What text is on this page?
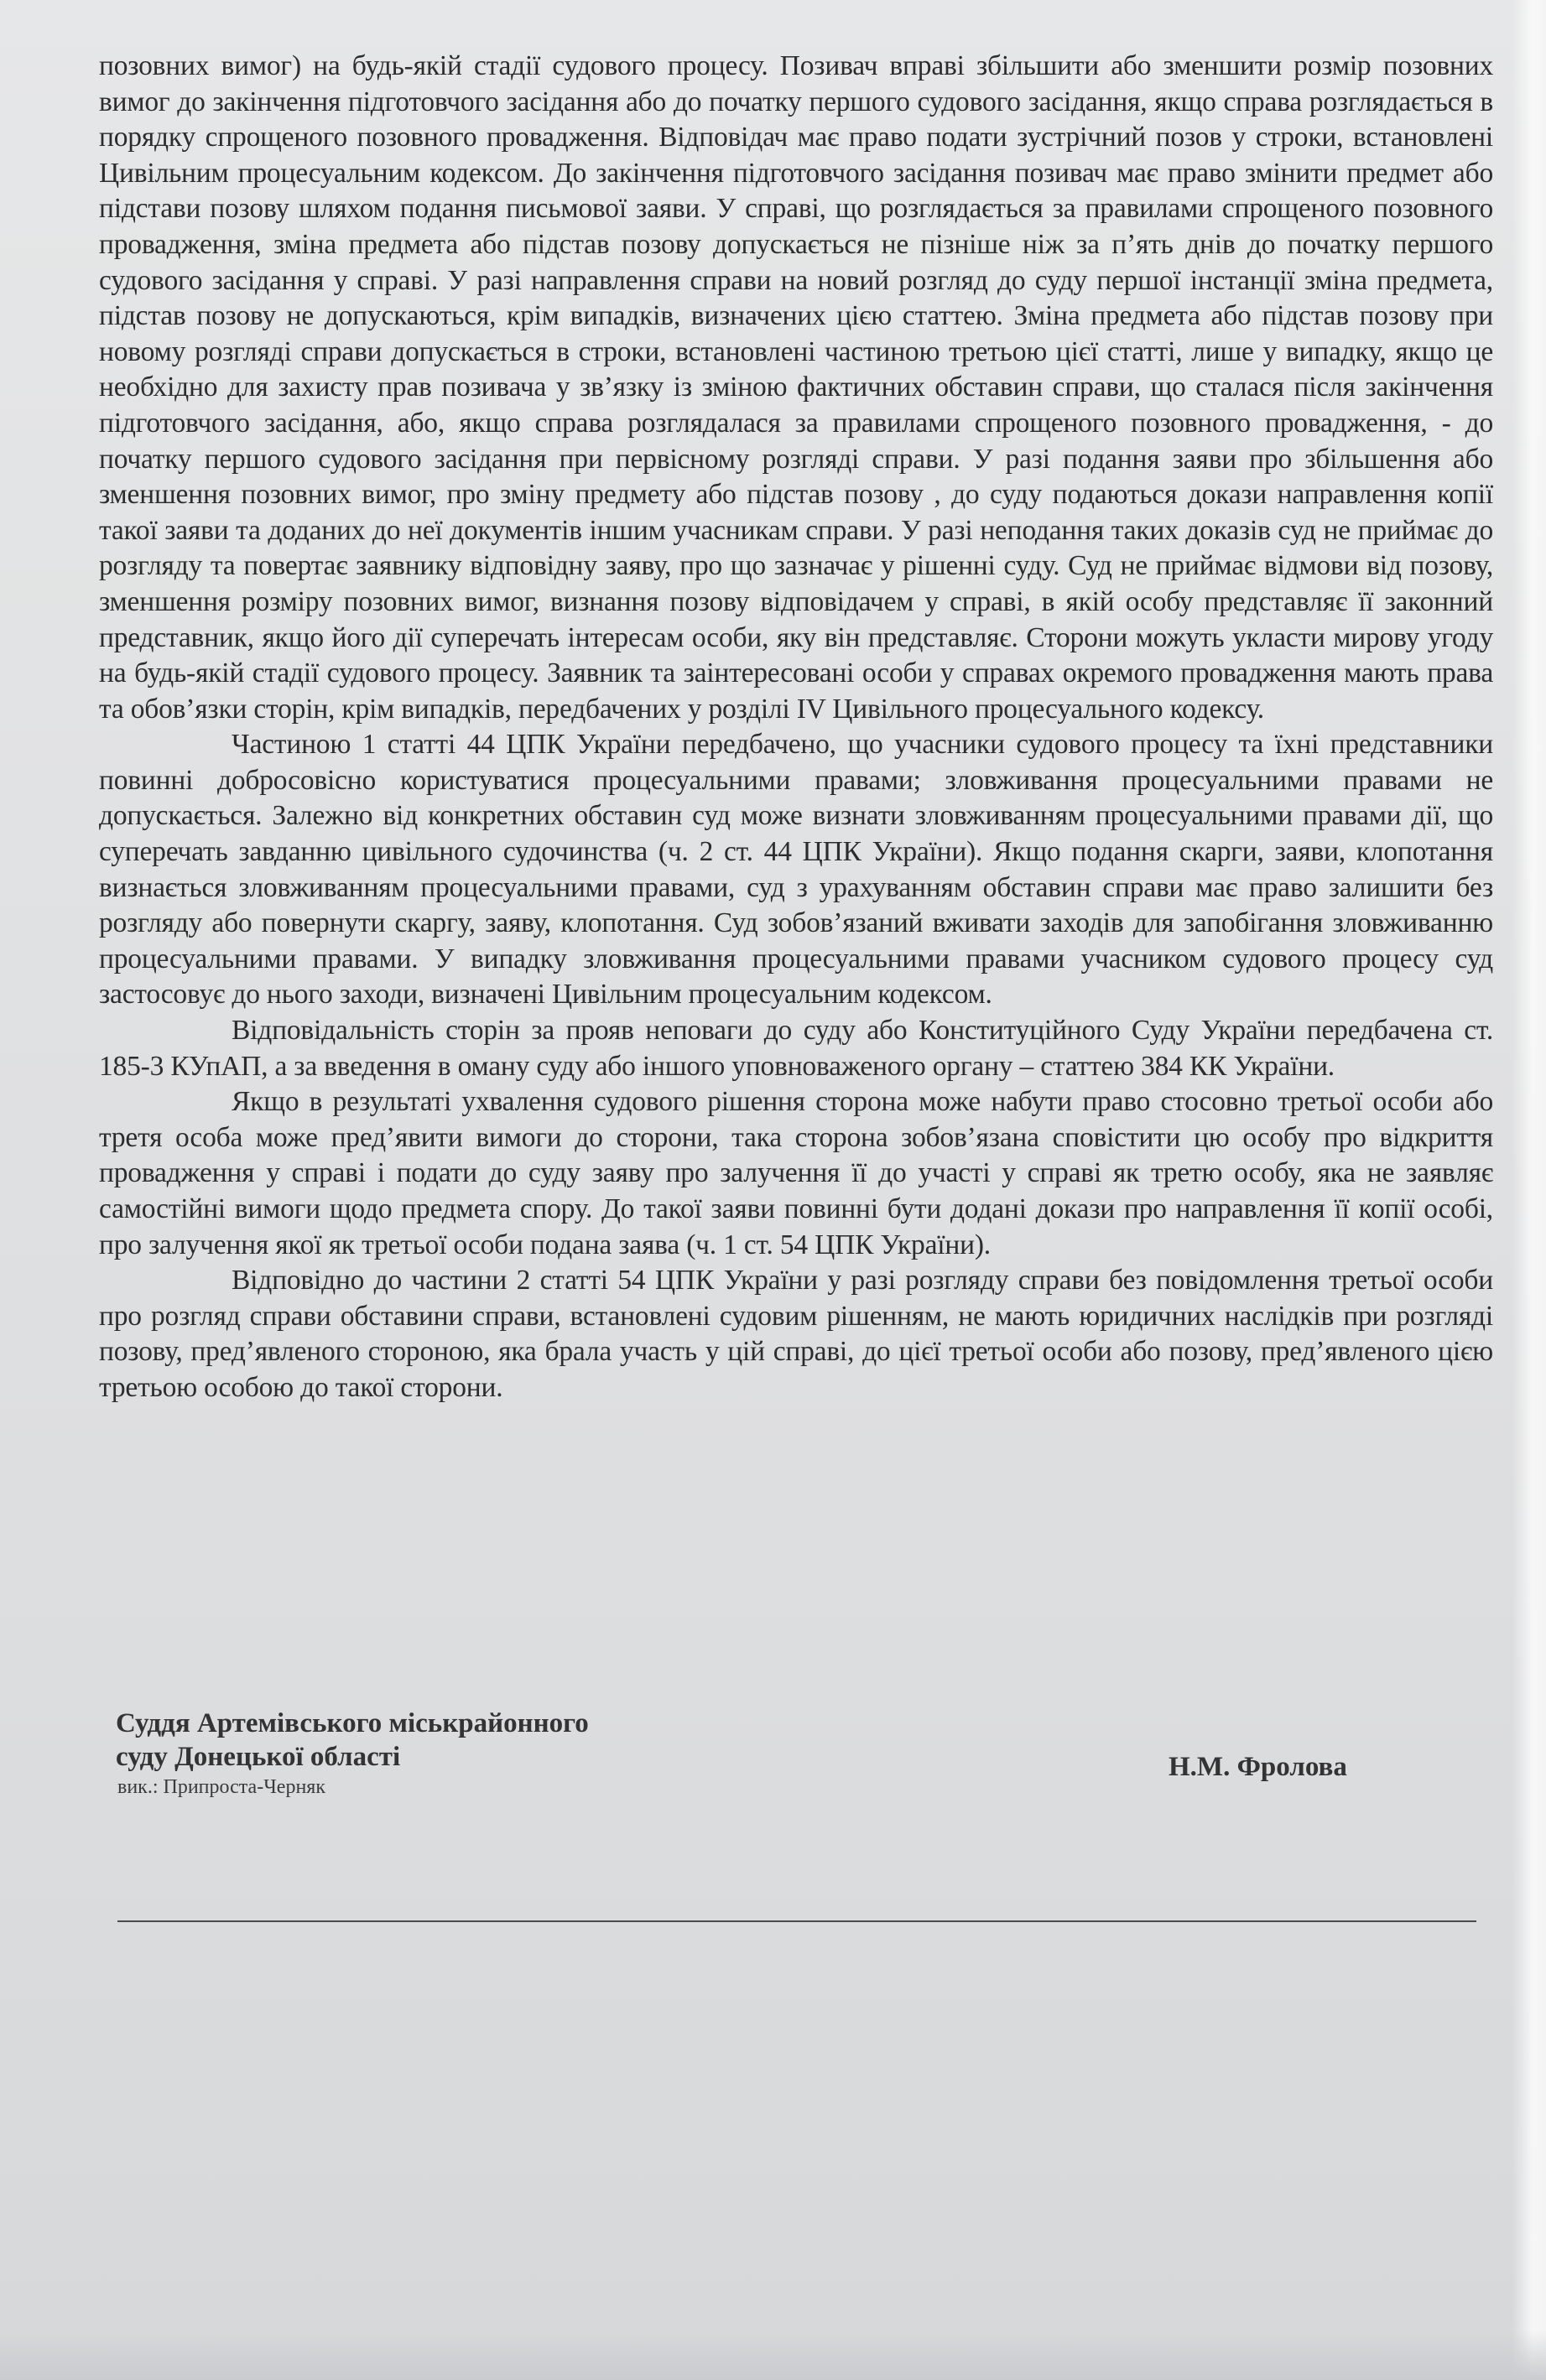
позовних вимог) на будь-якій стадії судового процесу. Позивач вправі збільшити або зменшити розмір позовних вимог до закінчення підготовчого засідання або до початку першого судового засідання, якщо справа розглядається в порядку спрощеного позовного провадження. Відповідач має право подати зустрічний позов у строки, встановлені Цивільним процесуальним кодексом. До закінчення підготовчого засідання позивач має право змінити предмет або підстави позову шляхом подання письмової заяви. У справі, що розглядається за правилами спрощеного позовного провадження, зміна предмета або підстав позову допускається не пізніше ніж за п’ять днів до початку першого судового засідання у справі. У разі направлення справи на новий розгляд до суду першої інстанції зміна предмета, підстав позову не допускаються, крім випадків, визначених цією статтею. Зміна предмета або підстав позову при новому розгляді справи допускається в строки, встановлені частиною третьою цієї статті, лише у випадку, якщо це необхідно для захисту прав позивача у зв’язку із зміною фактичних обставин справи, що сталася після закінчення підготовчого засідання, або, якщо справа розглядалася за правилами спрощеного позовного провадження, - до початку першого судового засідання при первісному розгляді справи. У разі подання заяви про збільшення або зменшення позовних вимог, про зміну предмету або підстав позову , до суду подаються докази направлення копії такої заяви та доданих до неї документів іншим учасникам справи. У разі неподання таких доказів суд не приймає до розгляду та повертає заявнику відповідну заяву, про що зазначає у рішенні суду. Суд не приймає відмови від позову, зменшення розміру позовних вимог, визнання позову відповідачем у справі, в якій особу представляє її законний представник, якщо його дії суперечать інтересам особи, яку він представляє. Сторони можуть укласти мирову угоду на будь-якій стадії судового процесу. Заявник та заінтересовані особи у справах окремого провадження мають права та обов’язки сторін, крім випадків, передбачених у розділі IV Цивільного процесуального кодексу.

Частиною 1 статті 44 ЦПК України передбачено, що учасники судового процесу та їхні представники повинні добросовісно користуватися процесуальними правами; зловживання процесуальними правами не допускається. Залежно від конкретних обставин суд може визнати зловживанням процесуальними правами дії, що суперечать завданню цивільного судочинства (ч. 2 ст. 44 ЦПК України). Якщо подання скарги, заяви, клопотання визнається зловживанням процесуальними правами, суд з урахуванням обставин справи має право залишити без розгляду або повернути скаргу, заяву, клопотання. Суд зобов’язаний вживати заходів для запобігання зловживанню процесуальними правами. У випадку зловживання процесуальними правами учасником судового процесу суд застосовує до нього заходи, визначені Цивільним процесуальним кодексом.

Відповідальність сторін за прояв неповаги до суду або Конституційного Суду України передбачена ст. 185-3 КУпАП, а за введення в оману суду або іншого уповноваженого органу – статтею 384 КК України.

Якщо в результаті ухвалення судового рішення сторона може набути право стосовно третьої особи або третя особа може пред’явити вимоги до сторони, така сторона зобов’язана сповістити цю особу про відкриття провадження у справі і подати до суду заяву про залучення її до участі у справі як третю особу, яка не заявляє самостійні вимоги щодо предмета спору. До такої заяви повинні бути додані докази про направлення її копії особі, про залучення якої як третьої особи подана заява (ч. 1 ст. 54 ЦПК України).

Відповідно до частини 2 статті 54 ЦПК України у разі розгляду справи без повідомлення третьої особи про розгляд справи обставини справи, встановлені судовим рішенням, не мають юридичних наслідків при розгляді позову, пред’явленого стороною, яка брала участь у цій справі, до цієї третьої особи або позову, пред’явленого цією третьою особою до такої сторони.

Суддя Артемівського міськрайонного
суду Донецької області
вик.: Припроста-Черняк
Н.М. Фролова
